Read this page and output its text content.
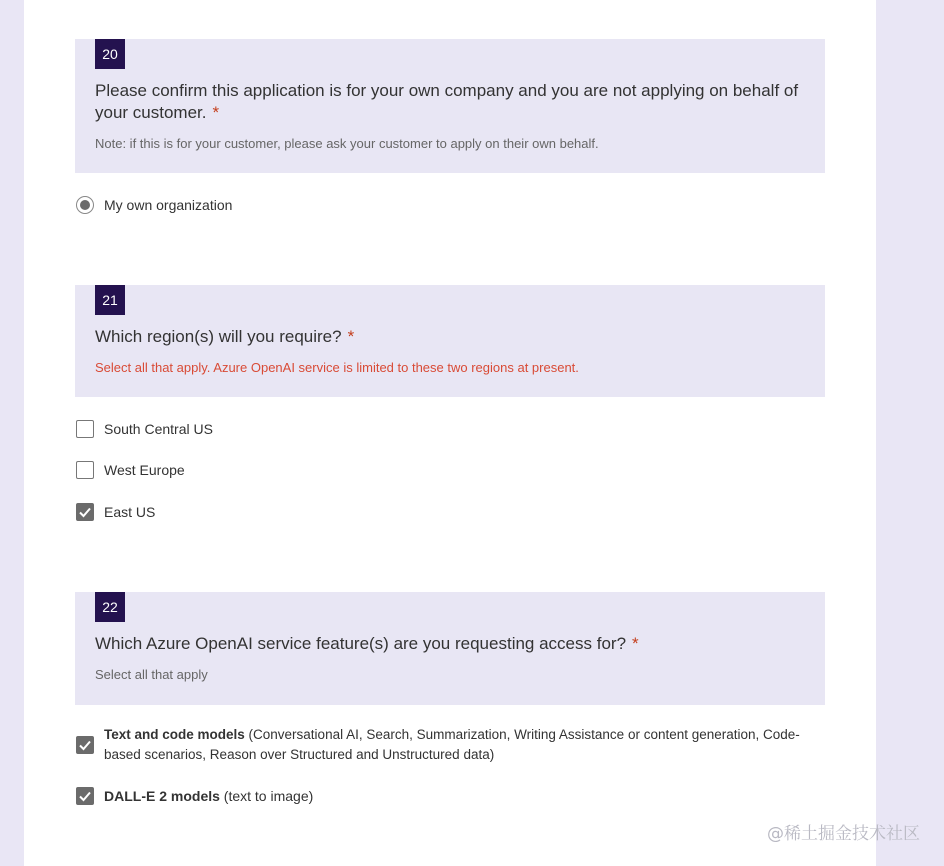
20
Please confirm this application is for your own company and you are not applying on behalf of your customer. *
Note: if this is for your customer, please ask your customer to apply on their own behalf.
My own organization
21
Which region(s) will you require? *
Select all that apply. Azure OpenAI service is limited to these two regions at present.
South Central US
West Europe
East US
22
Which Azure OpenAI service feature(s) are you requesting access for? *
Select all that apply
Text and code models (Conversational AI, Search, Summarization, Writing Assistance or content generation, Code-based scenarios, Reason over Structured and Unstructured data)
DALL-E 2 models (text to image)
@稀土掘金技术社区
